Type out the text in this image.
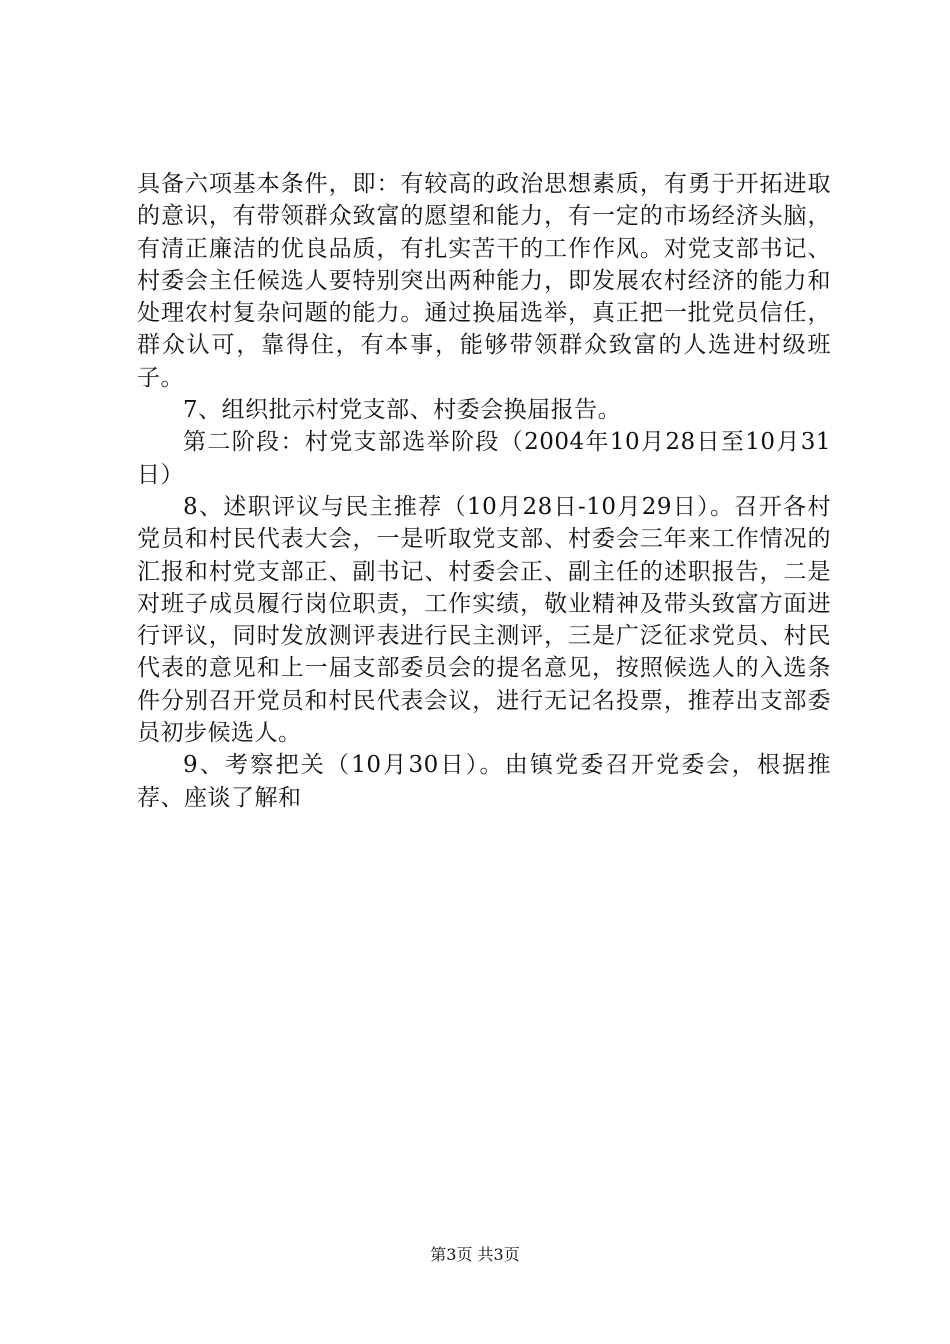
具备六项基本条件，即：有较高的政治思想素质，有勇于开拓进取的意识，有带领群众致富的愿望和能力，有一定的市场经济头脑，有清正廉洁的优良品质，有扎实苦干的工作作风。对党支部书记、村委会主任候选人要特别突出两种能力，即发展农村经济的能力和处理农村复杂问题的能力。通过换届选举，真正把一批党员信任，群众认可，靠得住，有本事，能够带领群众致富的人选进村级班子。

7、组织批示村党支部、村委会换届报告。

第二阶段：村党支部选举阶段（2004年10月28日至10月31日）

8、述职评议与民主推荐（10月28日-10月29日）。召开各村党员和村民代表大会，一是听取党支部、村委会三年来工作情况的汇报和村党支部正、副书记、村委会正、副主任的述职报告，二是对班子成员履行岗位职责，工作实绩，敬业精神及带头致富方面进行评议，同时发放测评表进行民主测评，三是广泛征求党员、村民代表的意见和上一届支部委员会的提名意见，按照候选人的入选条件分别召开党员和村民代表会议，进行无记名投票，推荐出支部委员初步候选人。

9、考察把关（10月30日）。由镇党委召开党委会，根据推荐、座谈了解和

第3页 共3页
